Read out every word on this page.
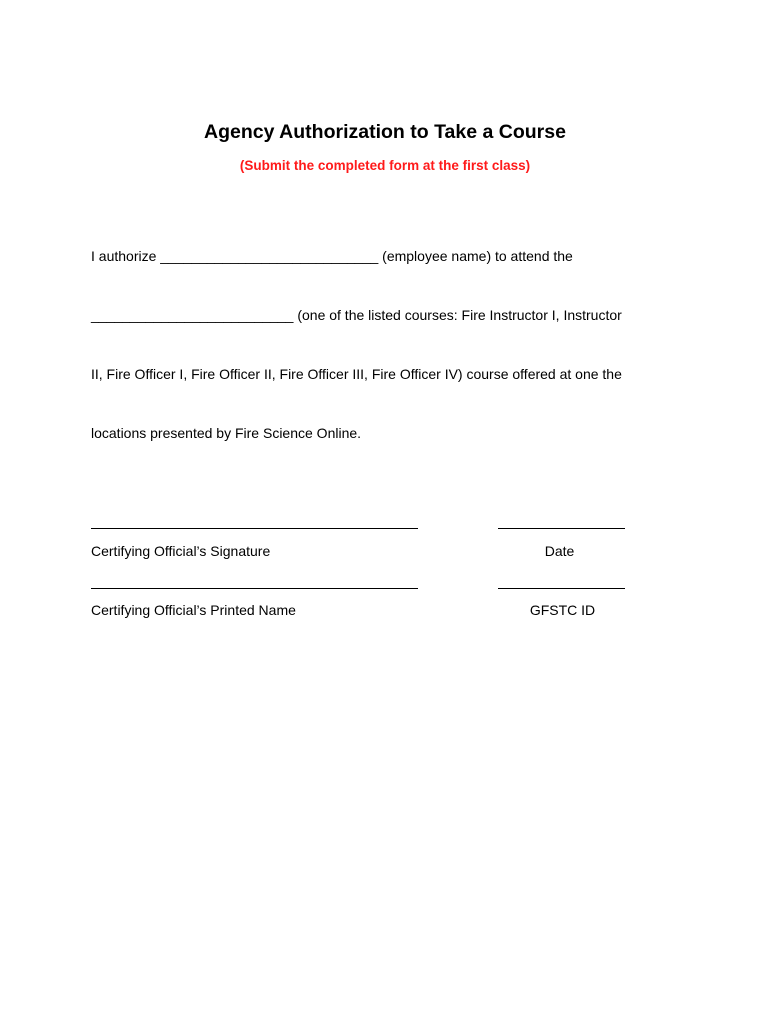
Agency Authorization to Take a Course
(Submit the completed form at the first class)
I authorize ____________________________ (employee name) to attend the
__________________________ (one of the listed courses: Fire Instructor I, Instructor
II, Fire Officer I, Fire Officer II, Fire Officer III, Fire Officer IV) course offered at one the
locations presented by Fire Science Online.
Certifying Official’s Signature	Date
Certifying Official’s Printed Name	GFSTC ID
